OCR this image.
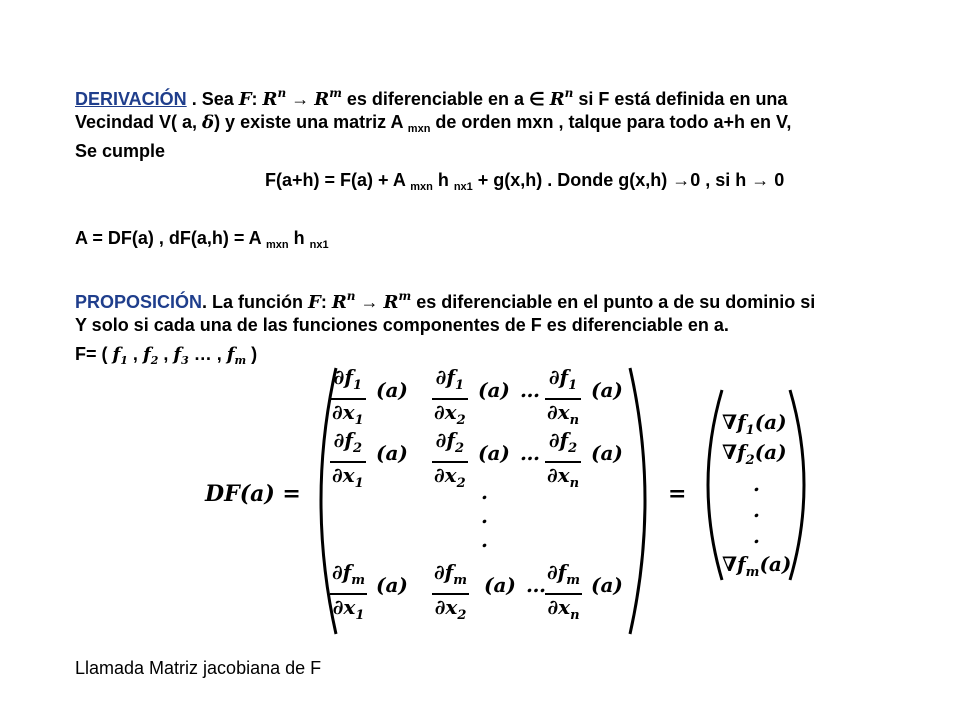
DERIVACIÓN . Sea F: $R^n \to R^m$ es diferenciable en a ∈ $R^n$ si F está definida en una
Vecindad V( a, δ) y existe una matriz A $_{mxn}$ de orden mxn , talque para todo a+h en V,
Se cumple
F(a+h) = F(a) + A $_{mxn}$ h $_{nx1}$ + g(x,h) . Donde g(x,h) →0 , si h → 0
A = DF(a) , dF(a,h) = A $_{mxn}$ h $_{nx1}$
PROPOSICIÓN. La función F: $R^n \to R^m$ es diferenciable en el punto a de su dominio si
Y solo si cada una de las funciones componentes de F es diferenciable en a.
F= ( $f_1$ , $f_2$ , $f_3$ … , $f_m$ )
DF(a) =	=
$\frac{\partial f_1}{\partial x_1} (a) \frac{\partial f_1}{\partial x_2} (a)$ … $\frac{\partial f_1}{\partial x_n} (a)$
$\frac{\partial f_2}{\partial x_1} (a) \frac{\partial f_2}{\partial x_2} (a)$ … $\frac{\partial f_2}{\partial x_n} (a)$
$\frac{\partial f_m}{\partial x_1} (a) \frac{\partial f_m}{\partial x_2} (a)$ … $\frac{\partial f_m}{\partial x_n} (a)$
.
.
.
$\nabla f_1(a)$
$\nabla f_2(a)$
$\nabla f_m(a)$
.
.
.
Llamada Matriz jacobiana de F
